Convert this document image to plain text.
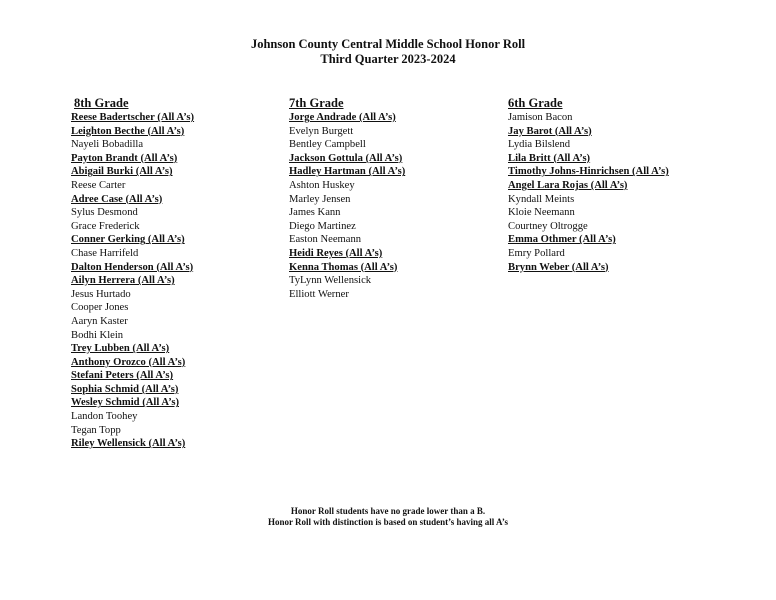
Johnson County Central Middle School Honor Roll
Third Quarter 2023-2024
8th Grade
Reese Badertscher (All A’s)
Leighton Becthe (All A’s)
Nayeli Bobadilla
Payton Brandt (All A’s)
Abigail Burki (All A’s)
Reese Carter
Adree Case (All A’s)
Sylus Desmond
Grace Frederick
Conner Gerking (All A’s)
Chase Harrifeld
Dalton Henderson (All A’s)
Ailyn Herrera (All A’s)
Jesus Hurtado
Cooper Jones
Aaryn Kaster
Bodhi Klein
Trey Lubben (All A’s)
Anthony Orozco (All A’s)
Stefani Peters (All A’s)
Sophia Schmid (All A’s)
Wesley Schmid (All A’s)
Landon Toohey
Tegan Topp
Riley Wellensick (All A’s)
7th Grade
Jorge Andrade (All A’s)
Evelyn Burgett
Bentley Campbell
Jackson Gottula (All A’s)
Hadley Hartman (All A’s)
Ashton Huskey
Marley Jensen
James Kann
Diego Martinez
Easton Neemann
Heidi Reyes (All A’s)
Kenna Thomas (All A’s)
TyLynn Wellensick
Elliott Werner
6th Grade
Jamison Bacon
Jay Barot (All A’s)
Lydia Bilslend
Lila Britt (All A’s)
Timothy Johns-Hinrichsen (All A’s)
Angel Lara Rojas (All A’s)
Kyndall Meints
Kloie Neemann
Courtney Oltrogge
Emma Othmer (All A’s)
Emry Pollard
Brynn Weber (All A’s)
Honor Roll students have no grade lower than a B.
Honor Roll with distinction is based on student’s having all A’s
